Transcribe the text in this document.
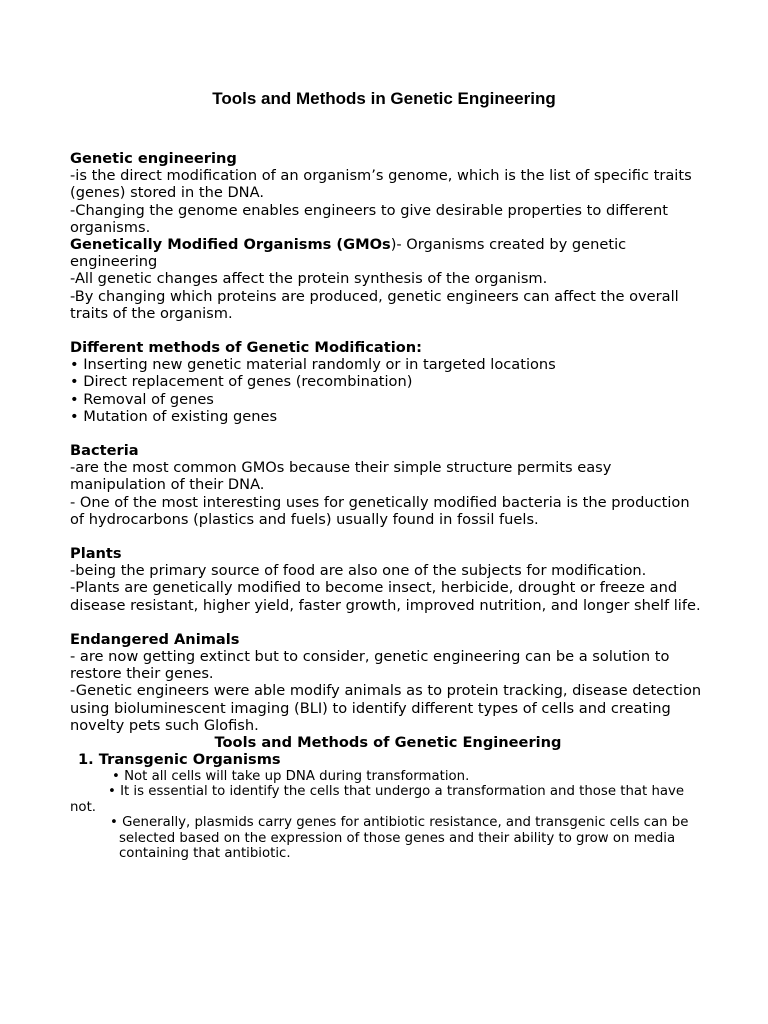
Tools and Methods in Genetic Engineering

Genetic engineering

-is the direct modification of an organism’s genome, which is the list of specific traits (genes) stored in the DNA.

-Changing the genome enables engineers to give desirable properties to different organisms.

Genetically Modified Organisms (GMOs)- Organisms created by genetic engineering

-All genetic changes affect the protein synthesis of the organism.

-By changing which proteins are produced, genetic engineers can affect the overall traits of the organism.

Different methods of Genetic Modification:

• Inserting new genetic material randomly or in targeted locations

• Direct replacement of genes (recombination)

• Removal of genes

• Mutation of existing genes

Bacteria

-are the most common GMOs because their simple structure permits easy manipulation of their DNA.

- One of the most interesting uses for genetically modified bacteria is the production of hydrocarbons (plastics and fuels) usually found in fossil fuels.

Plants

-being the primary source of food are also one of the subjects for modification.

-Plants are genetically modified to become insect, herbicide, drought or freeze and disease resistant, higher yield, faster growth, improved nutrition, and longer shelf life.

Endangered Animals

- are now getting extinct but to consider, genetic engineering can be a solution to restore their genes.

-Genetic engineers were able modify animals as to protein tracking, disease detection using bioluminescent imaging (BLI) to identify different types of cells and creating novelty pets such Glofish.

Tools and Methods of Genetic Engineering

1. Transgenic Organisms

• Not all cells will take up DNA during transformation.

• It is essential to identify the cells that undergo a transformation and those that have not.

• Generally, plasmids carry genes for antibiotic resistance, and transgenic cells can be

selected based on the expression of those genes and their ability to grow on media

containing that antibiotic.
